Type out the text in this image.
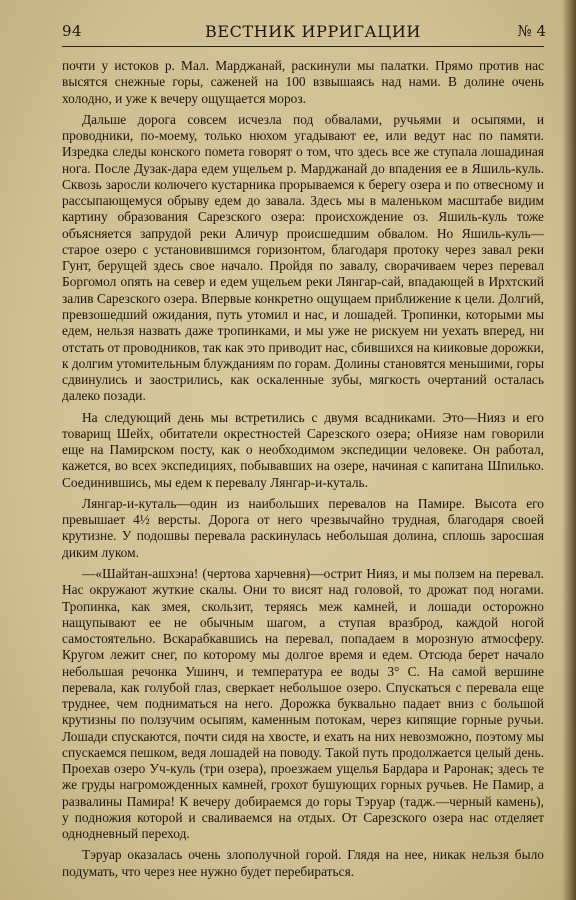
94	ВЕСТНИК ИРРИГАЦИИ	№ 4

почти у истоков р. Мал. Марджанай, раскинули мы палатки. Прямо против нас высятся снежные горы, саженей на 100 взвышаясь над нами. В долине очень холодно, и уже к вечеру ощущается мороз.

Дальше дорога совсем исчезла под обвалами, ручьями и осыпями, и проводники, по-моему, только нюхом угадывают ее, или ведут нас по памяти. Изредка следы конского помета говорят о том, что здесь все же ступала лошадиная нога. После Дузак-дара едем ущельем р. Марджанай до впадения ее в Яшиль-куль. Сквозь заросли колючего кустарника прорываемся к берегу озера и по отвесному и рассыпающемуся обрыву едем до завала. Здесь мы в маленьком масштабе видим картину образования Сарезского озера: происхождение оз. Яшиль-куль тоже объясняется запрудой реки Аличур происшедшим обвалом. Но Яшиль-куль—старое озеро с установившимся горизонтом, благодаря протоку через завал реки Гунт, берущей здесь свое начало. Пройдя по завалу, сворачиваем через перевал Боргомол опять на север и едем ущельем реки Лянгар-сай, впадающей в Ирхтский залив Сарезского озера. Впервые конкретно ощущаем приближение к цели. Долгий, превзошедший ожидания, путь утомил и нас, и лошадей. Тропинки, которыми мы едем, нельзя назвать даже тропинками, и мы уже не рискуем ни уехать вперед, ни отстать от проводников, так как это приводит нас, сбившихся на кииковые дорожки, к долгим утомительным блужданиям по горам. Долины становятся меньшими, горы сдвинулись и заострились, как оскаленные зубы, мягкость очертаний осталась далеко позади.

На следующий день мы встретились с двумя всадниками. Это—Нияз и его товарищ Шейх, обитатели окрестностей Сарезского озера; оНиязе нам говорили еще на Памирском посту, как о необходимом экспедиции человеке. Он работал, кажется, во всех экспедициях, побывавших на озере, начиная с капитана Шпилько. Соединившись, мы едем к перевалу Лянгар-и-куталь.

Лянгар-и-куталь—один из наибольших перевалов на Памире. Высота его превышает 4½ версты. Дорога от него чрезвычайно трудная, благодаря своей крутизне. У подошвы перевала раскинулась небольшая долина, сплошь заросшая диким луком.

—«Шайтан-ашхэна! (чертова харчевня)—острит Нияз, и мы ползем на перевал. Нас окружают жуткие скалы. Они то висят над головой, то дрожат под ногами. Тропинка, как змея, скользит, теряясь меж камней, и лошади осторожно нащупывают ее не обычным шагом, а ступая вразброд, каждой ногой самостоятельно. Вскарабкавшись на перевал, попадаем в морозную атмосферу. Кругом лежит снег, по которому мы долгое время и едем. Отсюда берет начало небольшая речонка Ушинч, и температура ее воды 3° С. На самой вершине перевала, как голубой глаз, сверкает небольшое озеро. Спускаться с перевала еще труднее, чем подниматься на него. Дорожка буквально падает вниз с большой крутизны по ползучим осыпям, каменным потокам, через кипящие горные ручьи. Лошади спускаются, почти сидя на хвосте, и ехать на них невозможно, поэтому мы спускаемся пешком, ведя лошадей на поводу. Такой путь продолжается целый день. Проехав озеро Уч-куль (три озера), проезжаем ущелья Бардара и Раронак; здесь те же груды нагроможденных камней, грохот бушующих горных ручьев. Не Памир, а развалины Памира! К вечеру добираемся до горы Тэруар (тадж.—черный камень), у подножия которой и сваливаемся на отдых. От Сарезского озера нас отделяет однодневный переход.

Тэруар оказалась очень злополучной горой. Глядя на нее, никак нельзя было подумать, что через нее нужно будет перебираться.
